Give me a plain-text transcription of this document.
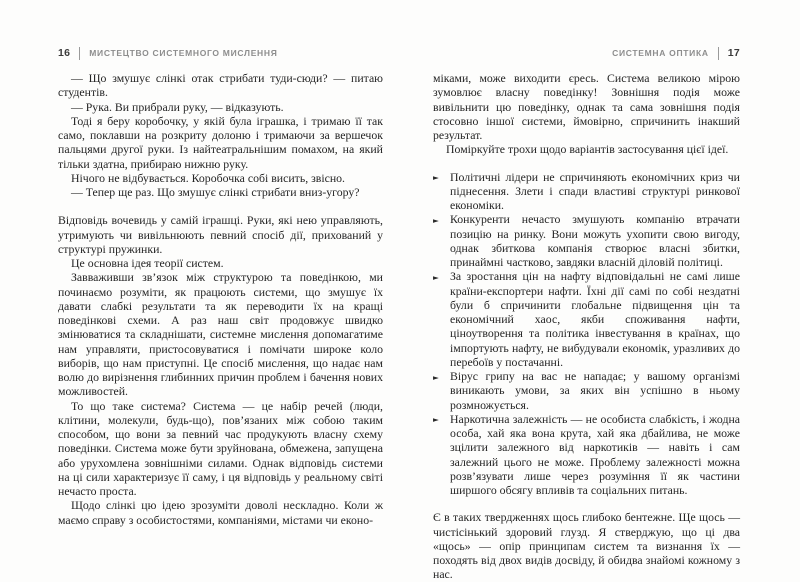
16 МИСТЕЦТВО СИСТЕМНОГО МИСЛЕННЯ

— Що змушує слінкі отак стрибати туди-сюди? — питаю студентів.

— Рука. Ви прибрали руку, — відказують.

Тоді я беру коробочку, у якій була іграшка, і тримаю її так само, поклавши на розкриту долоню і тримаючи за вершечок пальцями другої руки. Із найтеатральнішим помахом, на який тільки здатна, прибираю нижню руку.

Нічого не відбувається. Коробочка собі висить, звісно.

— Тепер ще раз. Що змушує слінкі стрибати вниз-угору?

Відповідь вочевидь у самій іграшці. Руки, які нею управляють, утримують чи вивільнюють певний спосіб дії, прихований у структурі пружинки.

Це основна ідея теорії систем.

Завваживши зв’язок між структурою та поведінкою, ми починаємо розуміти, як працюють системи, що змушує їх давати слабкі результати та як переводити їх на кращі поведінкові схеми. А раз наш світ продовжує швидко змінюватися та складнішати, системне мислення допомагатиме нам управляти, пристосовуватися і помічати широке коло виборів, що нам приступні. Це спосіб мислення, що надає нам волю до вирізнення глибинних причин проблем і бачення нових можливостей.

То що таке система? Система — це набір речей (люди, клітини, молекули, будь-що), пов’язаних між собою таким способом, що вони за певний час продукують власну схему поведінки. Система може бути зруйнована, обмежена, запущена або урухомлена зовнішніми силами. Однак відповідь системи на ці сили характеризує її саму, і ця відповідь у реальному світі нечасто проста.

Щодо слінкі цю ідею зрозуміти доволі нескладно. Коли ж маємо справу з особистостями, компаніями, містами чи еконо-

СИСТЕМНА ОПТИКА 17

міками, може виходити єресь. Система великою мірою зумовлює власну поведінку! Зовнішня подія може вивільнити цю поведінку, однак та сама зовнішня подія стосовно іншої системи, ймовірно, спричинить інакший результат.

Поміркуйте трохи щодо варіантів застосування цієї ідеї.

► Політичні лідери не спричиняють економічних криз чи піднесення. Злети і спади властиві структурі ринкової економіки.
► Конкуренти нечасто змушують компанію втрачати позицію на ринку. Вони можуть ухопити свою вигоду, однак збиткова компанія створює власні збитки, принаймні частково, завдяки власній діловій політиці.
► За зростання цін на нафту відповідальні не самі лише країни-експортери нафти. Їхні дії самі по собі нездатні були б спричинити глобальне підвищення цін та економічний хаос, якби споживання нафти, ціноутворення та політика інвестування в країнах, що імпортують нафту, не вибудували економік, уразливих до перебоїв у постачанні.
► Вірус грипу на вас не нападає; у вашому організмі виникають умови, за яких він успішно в ньому розмножується.
► Наркотична залежність — не особиста слабкість, і жодна особа, хай яка вона крута, хай яка дбайлива, не може зцілити залежного від наркотиків — навіть і сам залежний цього не може. Проблему залежності можна розв’язувати лише через розуміння її як частини ширшого обсягу впливів та соціальних питань.

Є в таких твердженнях щось глибоко бентежне. Ще щось — чистісінький здоровий глузд. Я стверджую, що ці два «щось» — опір принципам систем та визнання їх — походять від двох видів досвіду, й обидва знайомі кожному з нас.
